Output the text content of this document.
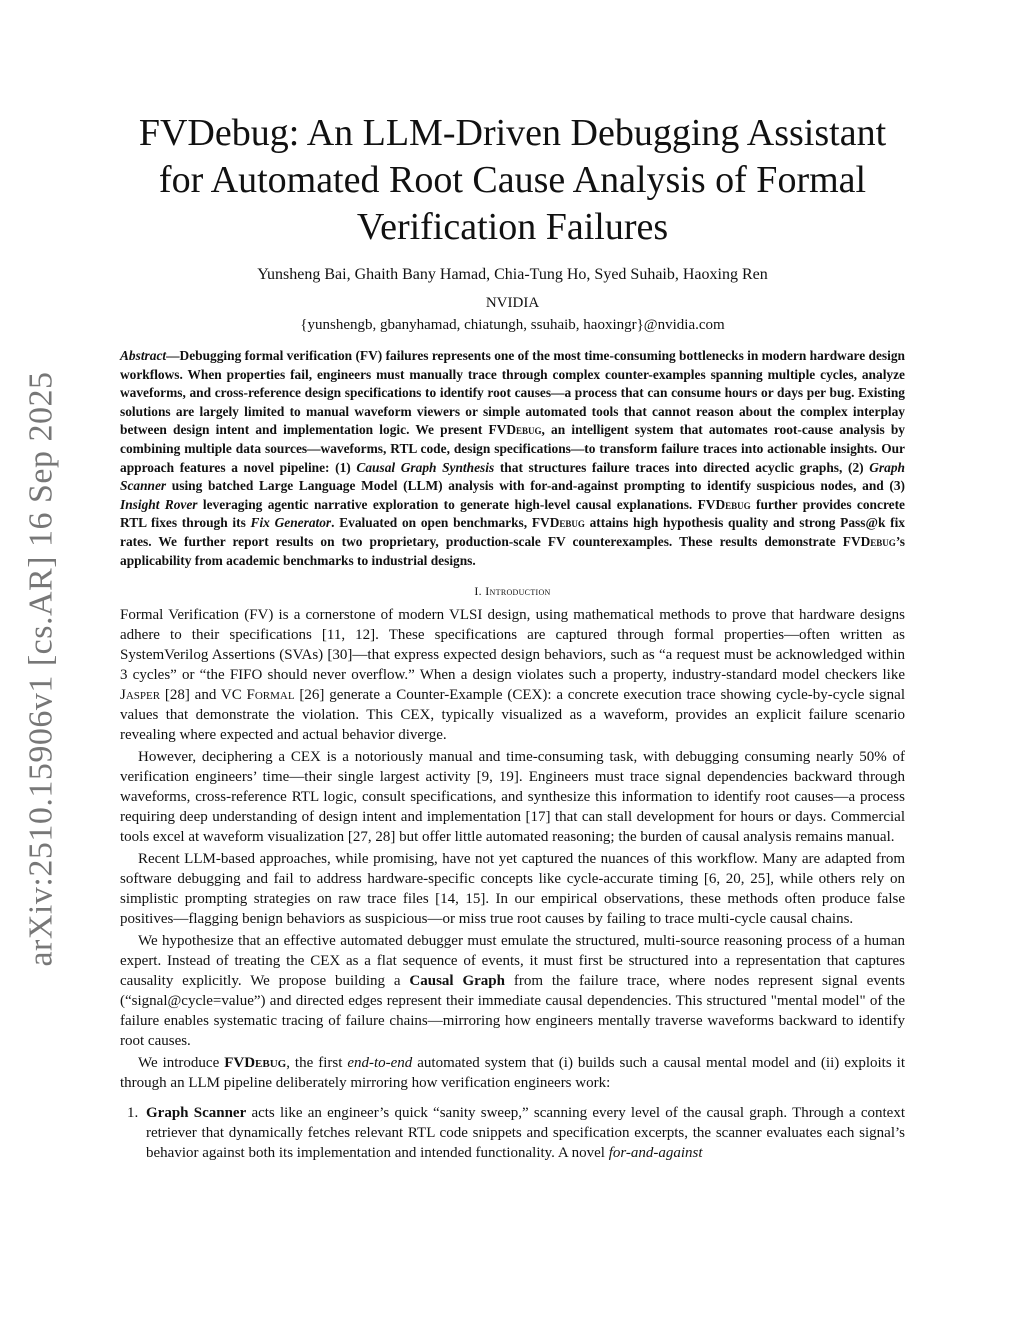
arXiv:2510.15906v1 [cs.AR] 16 Sep 2025
FVDebug: An LLM-Driven Debugging Assistant
for Automated Root Cause Analysis of Formal
Verification Failures
Yunsheng Bai, Ghaith Bany Hamad, Chia-Tung Ho, Syed Suhaib, Haoxing Ren
NVIDIA
{yunshengb, gbanyhamad, chiatungh, ssuhaib, haoxingr}@nvidia.com
Abstract—Debugging formal verification (FV) failures represents one of the most time-consuming bottlenecks in modern hardware design workflows. When properties fail, engineers must manually trace through complex counter-examples spanning multiple cycles, analyze waveforms, and cross-reference design specifications to identify root causes—a process that can consume hours or days per bug. Existing solutions are largely limited to manual waveform viewers or simple automated tools that cannot reason about the complex interplay between design intent and implementation logic. We present FVDebug, an intelligent system that automates root-cause analysis by combining multiple data sources—waveforms, RTL code, design specifications—to transform failure traces into actionable insights. Our approach features a novel pipeline: (1) Causal Graph Synthesis that structures failure traces into directed acyclic graphs, (2) Graph Scanner using batched Large Language Model (LLM) analysis with for-and-against prompting to identify suspicious nodes, and (3) Insight Rover leveraging agentic narrative exploration to generate high-level causal explanations. FVDebug further provides concrete RTL fixes through its Fix Generator. Evaluated on open benchmarks, FVDebug attains high hypothesis quality and strong Pass@k fix rates. We further report results on two proprietary, production-scale FV counterexamples. These results demonstrate FVDebug’s applicability from academic benchmarks to industrial designs.
I. Introduction

Formal Verification (FV) is a cornerstone of modern VLSI design, using mathematical methods to prove that hardware designs adhere to their specifications [11, 12]. These specifications are captured through formal properties—often written as SystemVerilog Assertions (SVAs) [30]—that express expected design behaviors, such as “a request must be acknowledged within 3 cycles” or “the FIFO should never overflow.” When a design violates such a property, industry-standard model checkers like Jasper [28] and VC Formal [26] generate a Counter-Example (CEX): a concrete execution trace showing cycle-by-cycle signal values that demonstrate the violation. This CEX, typically visualized as a waveform, provides an explicit failure scenario revealing where expected and actual behavior diverge.

However, deciphering a CEX is a notoriously manual and time-consuming task, with debugging consuming nearly 50% of verification engineers’ time—their single largest activity [9, 19]. Engineers must trace signal dependencies backward through waveforms, cross-reference RTL logic, consult specifications, and synthesize this information to identify root causes—a process requiring deep understanding of design intent and implementation [17] that can stall development for hours or days. Commercial tools excel at waveform visualization [27, 28] but offer little automated reasoning; the burden of causal analysis remains manual.

Recent LLM-based approaches, while promising, have not yet captured the nuances of this workflow. Many are adapted from software debugging and fail to address hardware-specific concepts like cycle-accurate timing [6, 20, 25], while others rely on simplistic prompting strategies on raw trace files [14, 15]. In our empirical observations, these methods often produce false positives—flagging benign behaviors as suspicious—or miss true root causes by failing to trace multi-cycle causal chains.

We hypothesize that an effective automated debugger must emulate the structured, multi-source reasoning process of a human expert. Instead of treating the CEX as a flat sequence of events, it must first be structured into a representation that captures causality explicitly. We propose building a Causal Graph from the failure trace, where nodes represent signal events (“signal@cycle=value”) and directed edges represent their immediate causal dependencies. This structured "mental model" of the failure enables systematic tracing of failure chains—mirroring how engineers mentally traverse waveforms backward to identify root causes.

We introduce FVDebug, the first end-to-end automated system that (i) builds such a causal mental model and (ii) exploits it through an LLM pipeline deliberately mirroring how verification engineers work:

1. Graph Scanner acts like an engineer’s quick “sanity sweep,” scanning every level of the causal graph. Through a context retriever that dynamically fetches relevant RTL code snippets and specification excerpts, the scanner evaluates each signal’s behavior against both its implementation and intended functionality. A novel for-and-against
